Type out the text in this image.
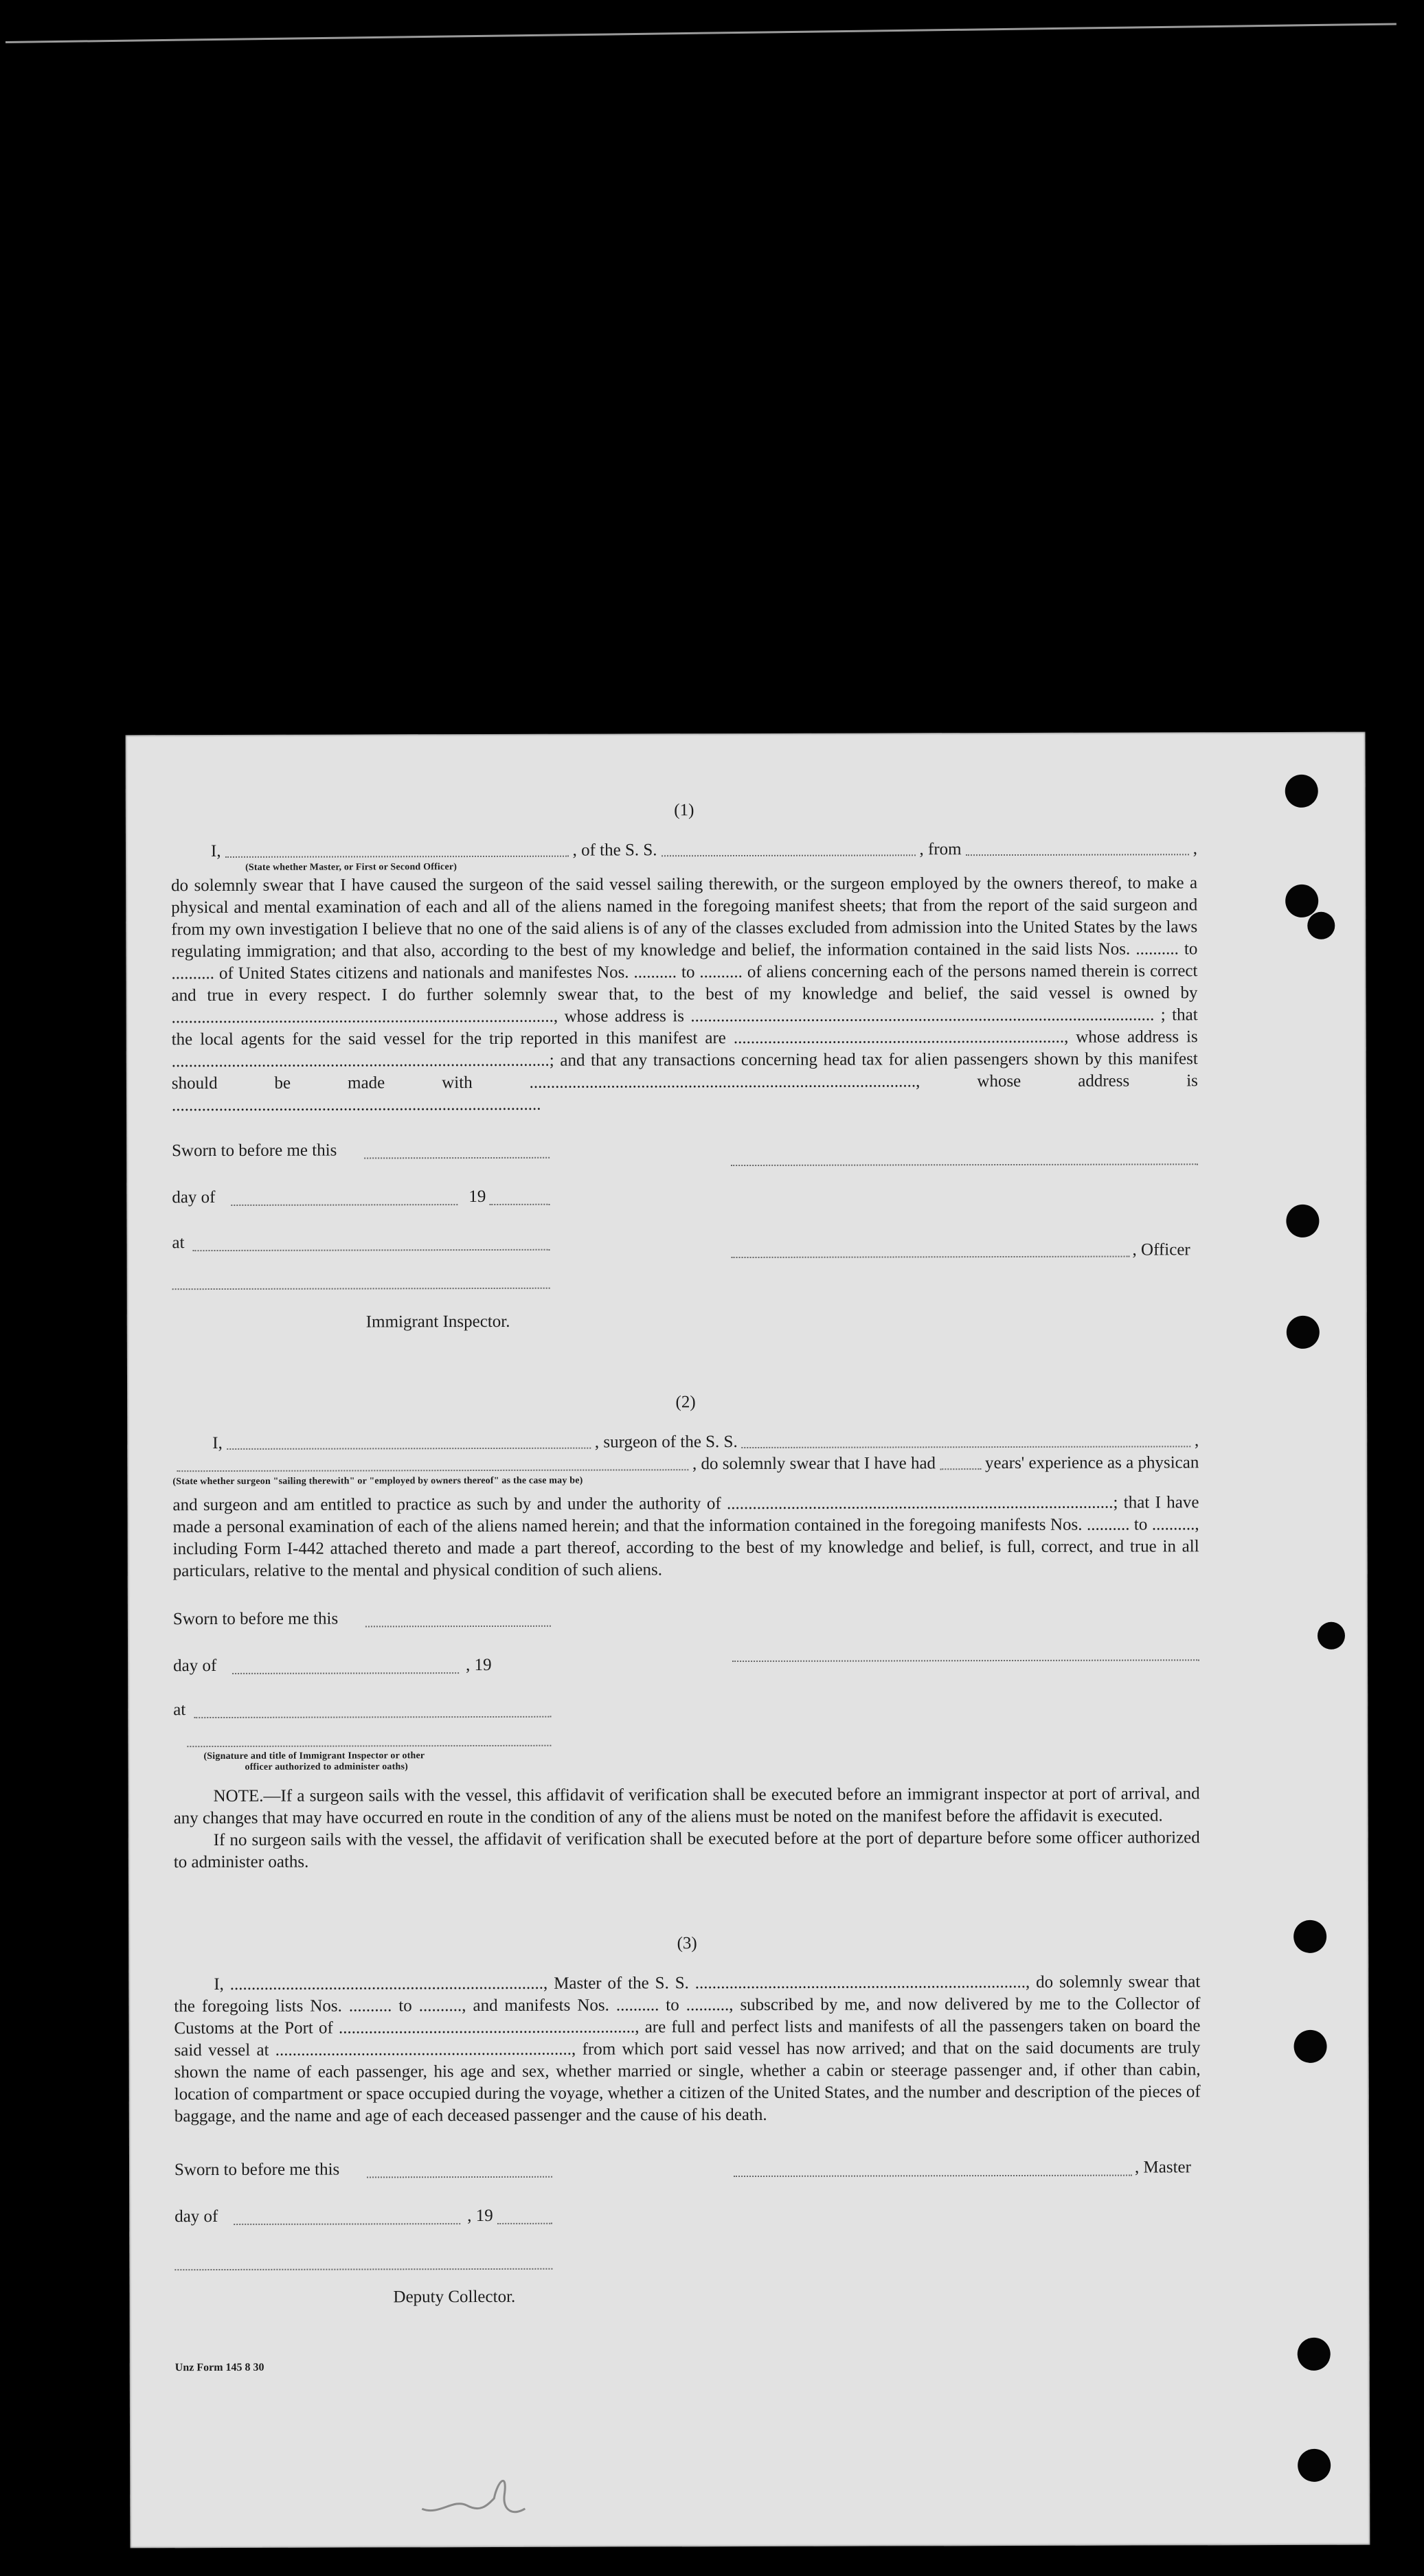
(1)
I,	, of the S. S.	, from	,
(State whether Master, or First or Second Officer)

do solemnly swear that I have caused the surgeon of the said vessel sailing therewith, or the surgeon employed by the owners thereof, to make a physical and mental examination of each and all of the aliens named in the foregoing manifest sheets; that from the report of the said surgeon and from my own investigation I believe that no one of the said aliens is of any of the classes excluded from admission into the United States by the laws regulating immigration; and that also, according to the best of my knowledge and belief, the information contained in the said lists Nos. .......... to .......... of United States citizens and nationals and manifestes Nos. .......... to .......... of aliens concerning each of the persons named therein is correct and true in every respect. I do further solemnly swear that, to the best of my knowledge and belief, the said vessel is owned by ........................................................................................., whose address is ............................................................................................................ ; that the local agents for the said vessel for the trip reported in this manifest are ............................................................................., whose address is ........................................................................................; and that any transactions concerning head tax for alien passengers shown by this manifest should be made with .........................................................................................., whose address is ......................................................................................

Sworn to before me this
day of	19
at	, Officer
Immigrant Inspector.
(2)
I,	, surgeon of the S. S.	,
, do solemnly swear that I have had	years' experience as a physican
(State whether surgeon "sailing therewith" or "employed by owners thereof" as the case may be)

and surgeon and am entitled to practice as such by and under the authority of ..........................................................................................; that I have made a personal examination of each of the aliens named herein; and that the information contained in the foregoing manifests Nos. .......... to .........., including Form I-442 attached thereto and made a part thereof, according to the best of my knowledge and belief, is full, correct, and true in all particulars, relative to the mental and physical condition of such aliens.

Sworn to before me this
day of	, 19
at
(Signature and title of Immigrant Inspector or other
officer authorized to administer oaths)

NOTE.—If a surgeon sails with the vessel, this affidavit of verification shall be executed before an immigrant inspector at port of arrival, and any changes that may have occurred en route in the condition of any of the aliens must be noted on the manifest before the affidavit is executed.

If no surgeon sails with the vessel, the affidavit of verification shall be executed before at the port of departure before some officer authorized to administer oaths.

(3)

I, ........................................................................., Master of the S. S. ............................................................................., do solemnly swear that the foregoing lists Nos. .......... to .........., and manifests Nos. .......... to .........., subscribed by me, and now delivered by me to the Collector of Customs at the Port of ....................................................................., are full and perfect lists and manifests of all the passengers taken on board the said vessel at ....................................................................., from which port said vessel has now arrived; and that on the said documents are truly shown the name of each passenger, his age and sex, whether married or single, whether a cabin or steerage passenger and, if other than cabin, location of compartment or space occupied during the voyage, whether a citizen of the United States, and the number and description of the pieces of baggage, and the name and age of each deceased passenger and the cause of his death.

Sworn to before me this	, Master
day of	, 19
Deputy Collector.
Unz Form 145 8 30
